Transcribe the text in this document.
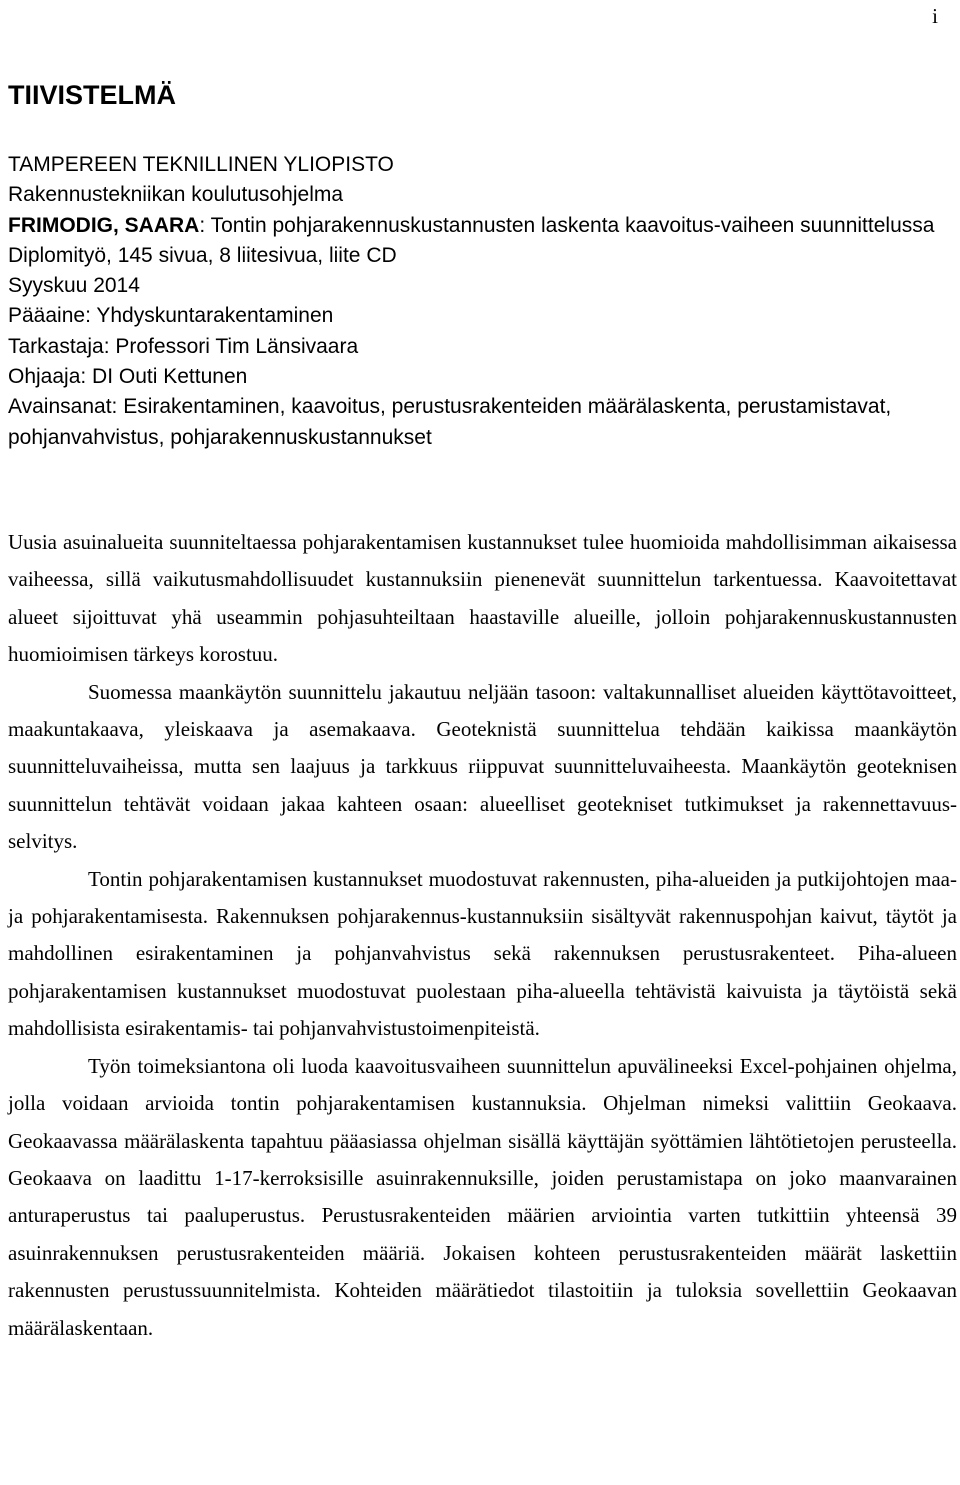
i
TIIVISTELMÄ
TAMPEREEN TEKNILLINEN YLIOPISTO
Rakennustekniikan koulutusohjelma
FRIMODIG, SAARA: Tontin pohjarakennuskustannusten laskenta kaavoitus-vaiheen suunnittelussa
Diplomityö, 145 sivua, 8 liitesivua, liite CD
Syyskuu 2014
Pääaine: Yhdyskuntarakentaminen
Tarkastaja: Professori Tim Länsivaara
Ohjaaja: DI Outi Kettunen
Avainsanat: Esirakentaminen, kaavoitus, perustusrakenteiden määrälaskenta, perustamistavat, pohjanvahvistus, pohjarakennuskustannukset

Uusia asuinalueita suunniteltaessa pohjarakentamisen kustannukset tulee huomioida mahdollisimman aikaisessa vaiheessa, sillä vaikutusmahdollisuudet kustannuksiin pienenevät suunnittelun tarkentuessa. Kaavoitettavat alueet sijoittuvat yhä useammin pohjasuhteiltaan haastaville alueille, jolloin pohjarakennuskustannusten huomioimisen tärkeys korostuu.

Suomessa maankäytön suunnittelu jakautuu neljään tasoon: valtakunnalliset alueiden käyttötavoitteet, maakuntakaava, yleiskaava ja asemakaava. Geoteknistä suunnittelua tehdään kaikissa maankäytön suunnitteluvaiheissa, mutta sen laajuus ja tarkkuus riippuvat suunnitteluvaiheesta. Maankäytön geoteknisen suunnittelun tehtävät voidaan jakaa kahteen osaan: alueelliset geotekniset tutkimukset ja rakennettavuus-selvitys.

Tontin pohjarakentamisen kustannukset muodostuvat rakennusten, piha-alueiden ja putkijohtojen maa- ja pohjarakentamisesta. Rakennuksen pohjarakennus-kustannuksiin sisältyvät rakennuspohjan kaivut, täytöt ja mahdollinen esirakentaminen ja pohjanvahvistus sekä rakennuksen perustusrakenteet. Piha-alueen pohjarakentamisen kustannukset muodostuvat puolestaan piha-alueella tehtävistä kaivuista ja täytöistä sekä mahdollisista esirakentamis- tai pohjanvahvistustoimenpiteistä.

Työn toimeksiantona oli luoda kaavoitusvaiheen suunnittelun apuvälineeksi Excel-pohjainen ohjelma, jolla voidaan arvioida tontin pohjarakentamisen kustannuksia. Ohjelman nimeksi valittiin Geokaava. Geokaavassa määrälaskenta tapahtuu pääasiassa ohjelman sisällä käyttäjän syöttämien lähtötietojen perusteella. Geokaava on laadittu 1-17-kerroksisille asuinrakennuksille, joiden perustamistapa on joko maanvarainen anturaperustus tai paaluperustus. Perustusrakenteiden määrien arviointia varten tutkittiin yhteensä 39 asuinrakennuksen perustusrakenteiden määriä. Jokaisen kohteen perustusrakenteiden määrät laskettiin rakennusten perustussuunnitelmista. Kohteiden määrätiedot tilastoitiin ja tuloksia sovellettiin Geokaavan määrälaskentaan.
